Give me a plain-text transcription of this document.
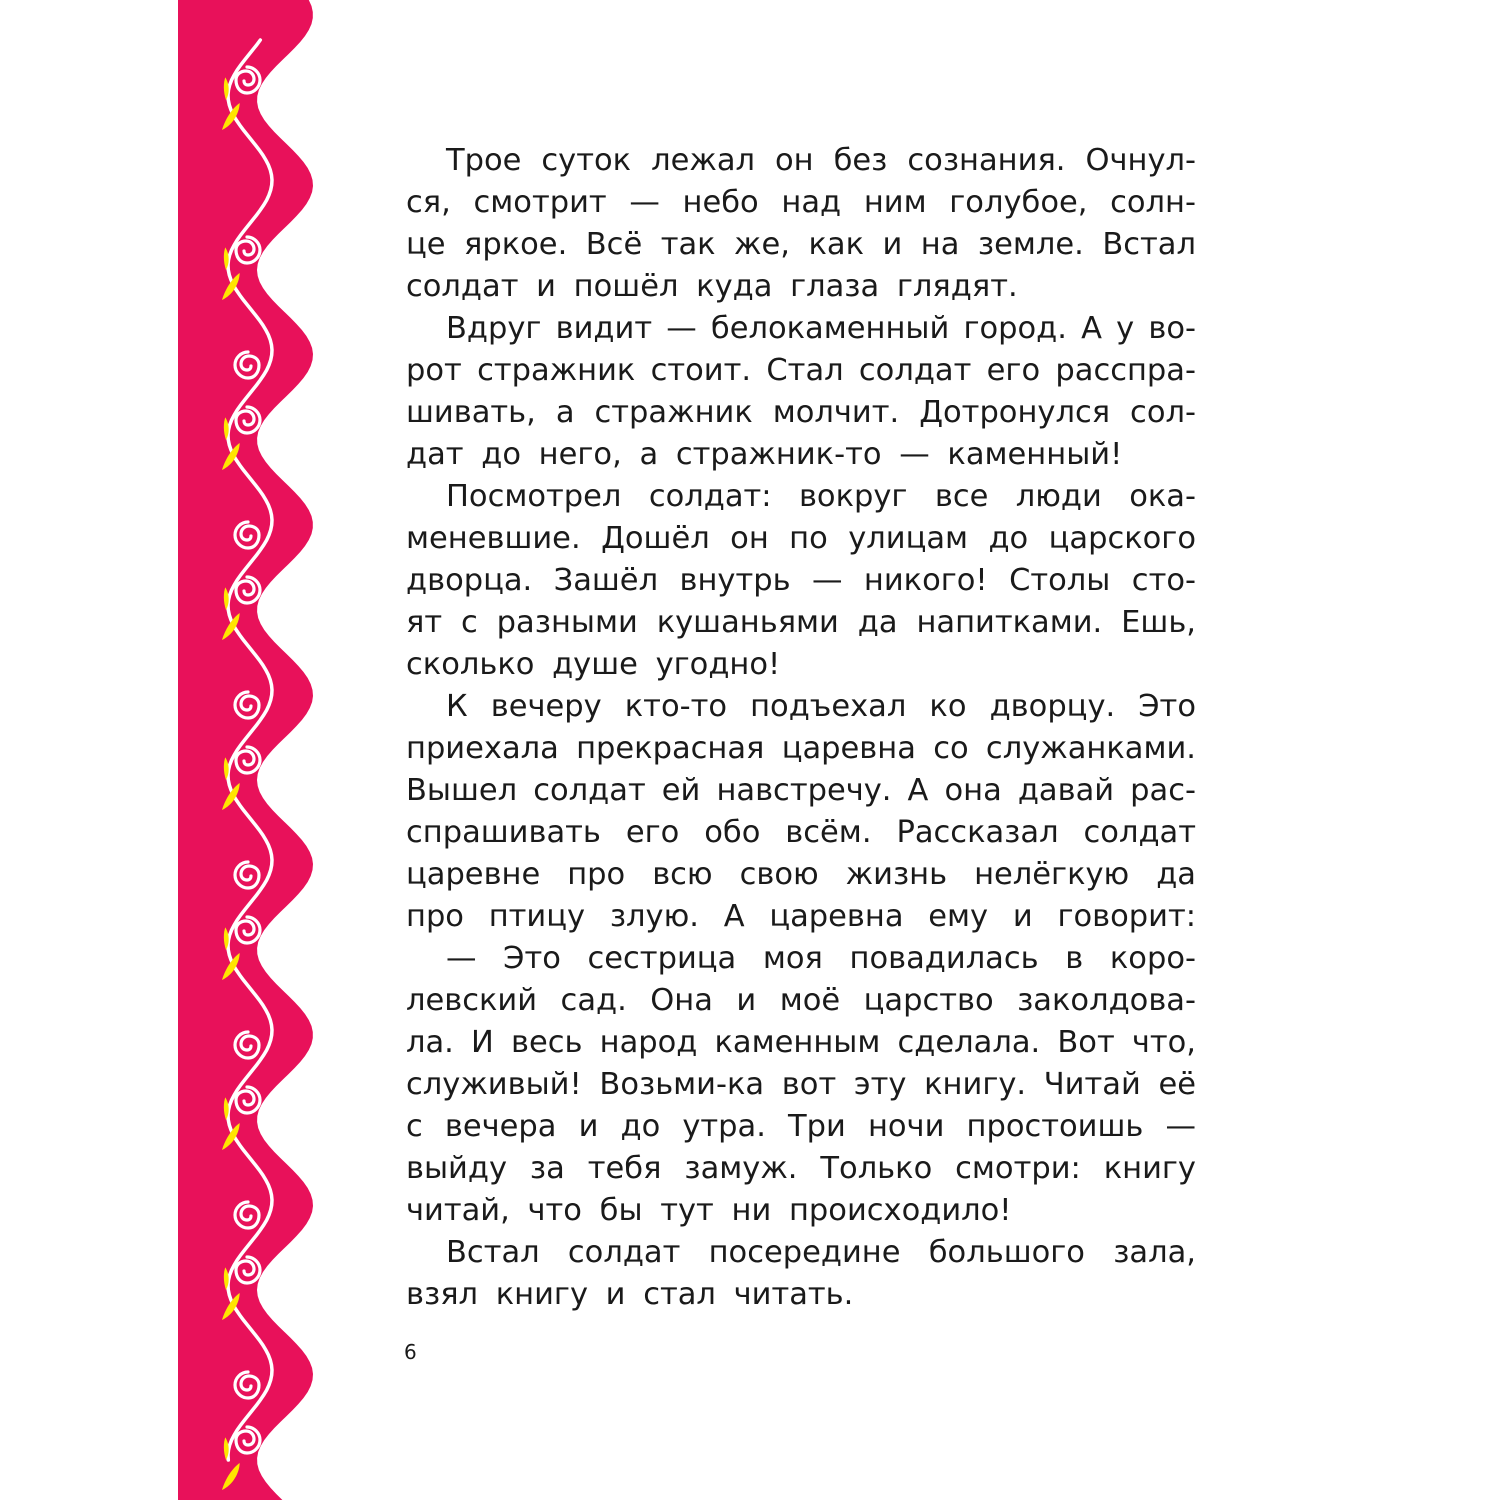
Трое суток лежал он без сознания. Очнул-
ся, смотрит — небо над ним голубое, солн-
це яркое. Всё так же, как и на земле. Встал
солдат и пошёл куда глаза глядят.
Вдруг видит — белокаменный город. А у во-
рот стражник стоит. Стал солдат его расспра-
шивать, а стражник молчит. Дотронулся сол-
дат до него, а стражник-то — каменный!
Посмотрел солдат: вокруг все люди ока-
меневшие. Дошёл он по улицам до царского
дворца. Зашёл внутрь — никого! Столы сто-
ят с разными кушаньями да напитками. Ешь,
сколько душе угодно!
К вечеру кто-то подъехал ко дворцу. Это
приехала прекрасная царевна со служанками.
Вышел солдат ей навстречу. А она давай рас-
спрашивать его обо всём. Рассказал солдат
царевне про всю свою жизнь нелёгкую да
про птицу злую. А царевна ему и говорит:
— Это сестрица моя повадилась в коро-
левский сад. Она и моё царство заколдова-
ла. И весь народ каменным сделала. Вот что,
служивый! Возьми-ка вот эту книгу. Читай её
с вечера и до утра. Три ночи простоишь —
выйду за тебя замуж. Только смотри: книгу
читай, что бы тут ни происходило!
Встал солдат посередине большого зала,
взял книгу и стал читать.
6
